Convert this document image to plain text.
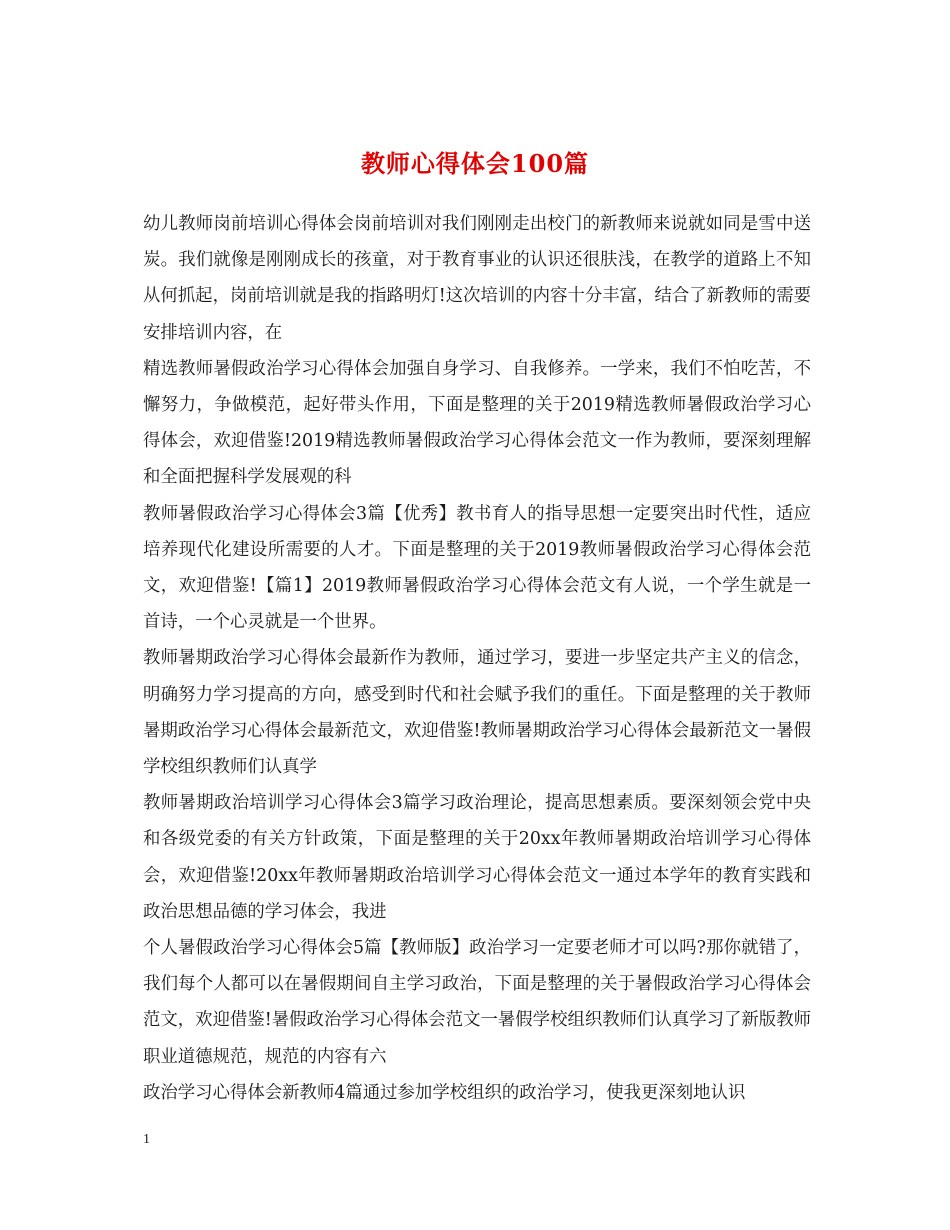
教师心得体会100篇

幼儿教师岗前培训心得体会岗前培训对我们刚刚走出校门的新教师来说就如同是雪中送炭。我们就像是刚刚成长的孩童，对于教育事业的认识还很肤浅，在教学的道路上不知从何抓起，岗前培训就是我的指路明灯!这次培训的内容十分丰富，结合了新教师的需要安排培训内容，在

精选教师暑假政治学习心得体会加强自身学习、自我修养。一学来，我们不怕吃苦，不懈努力，争做模范，起好带头作用，下面是整理的关于2019精选教师暑假政治学习心得体会，欢迎借鉴!2019精选教师暑假政治学习心得体会范文一作为教师，要深刻理解和全面把握科学发展观的科

教师暑假政治学习心得体会3篇【优秀】教书育人的指导思想一定要突出时代性，适应培养现代化建设所需要的人才。下面是整理的关于2019教师暑假政治学习心得体会范文，欢迎借鉴!【篇1】2019教师暑假政治学习心得体会范文有人说，一个学生就是一首诗，一个心灵就是一个世界。

教师暑期政治学习心得体会最新作为教师，通过学习，要进一步坚定共产主义的信念，明确努力学习提高的方向，感受到时代和社会赋予我们的重任。下面是整理的关于教师暑期政治学习心得体会最新范文，欢迎借鉴!教师暑期政治学习心得体会最新范文一暑假学校组织教师们认真学

教师暑期政治培训学习心得体会3篇学习政治理论，提高思想素质。要深刻领会党中央和各级党委的有关方针政策，下面是整理的关于20xx年教师暑期政治培训学习心得体会，欢迎借鉴!20xx年教师暑期政治培训学习心得体会范文一通过本学年的教育实践和政治思想品德的学习体会，我进

个人暑假政治学习心得体会5篇【教师版】政治学习一定要老师才可以吗?那你就错了，我们每个人都可以在暑假期间自主学习政治，下面是整理的关于暑假政治学习心得体会范文，欢迎借鉴!暑假政治学习心得体会范文一暑假学校组织教师们认真学习了新版教师职业道德规范，规范的内容有六

政治学习心得体会新教师4篇通过参加学校组织的政治学习，使我更深刻地认识

1
